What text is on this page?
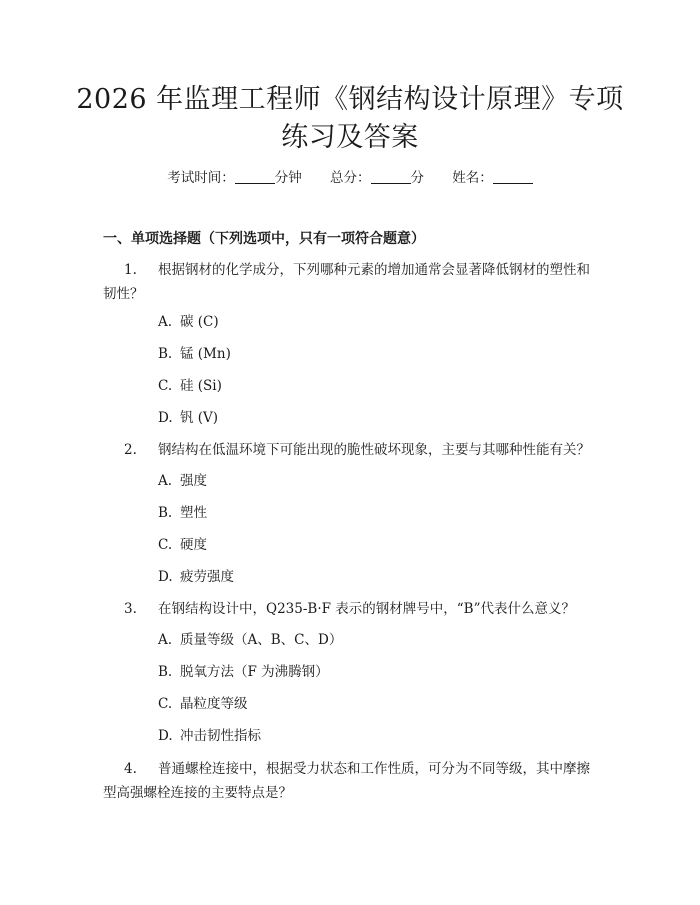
2026 年监理工程师《钢结构设计原理》专项
练习及答案
考试时间：	分钟 总分：	分 姓名：
一、单项选择题（下列选项中，只有一项符合题意）
1. 根据钢材的化学成分，下列哪种元素的增加通常会显著降低钢材的塑性和韧性？
A. 碳 (C)
B. 锰 (Mn)
C. 硅 (Si)
D. 钒 (V)
2. 钢结构在低温环境下可能出现的脆性破坏现象，主要与其哪种性能有关？
A. 强度
B. 塑性
C. 硬度
D. 疲劳强度
3. 在钢结构设计中，Q235-B·F 表示的钢材牌号中，“B”代表什么意义？
A. 质量等级（A、B、C、D）
B. 脱氧方法（F 为沸腾钢）
C. 晶粒度等级
D. 冲击韧性指标
4. 普通螺栓连接中，根据受力状态和工作性质，可分为不同等级，其中摩擦型高强螺栓连接的主要特点是？
